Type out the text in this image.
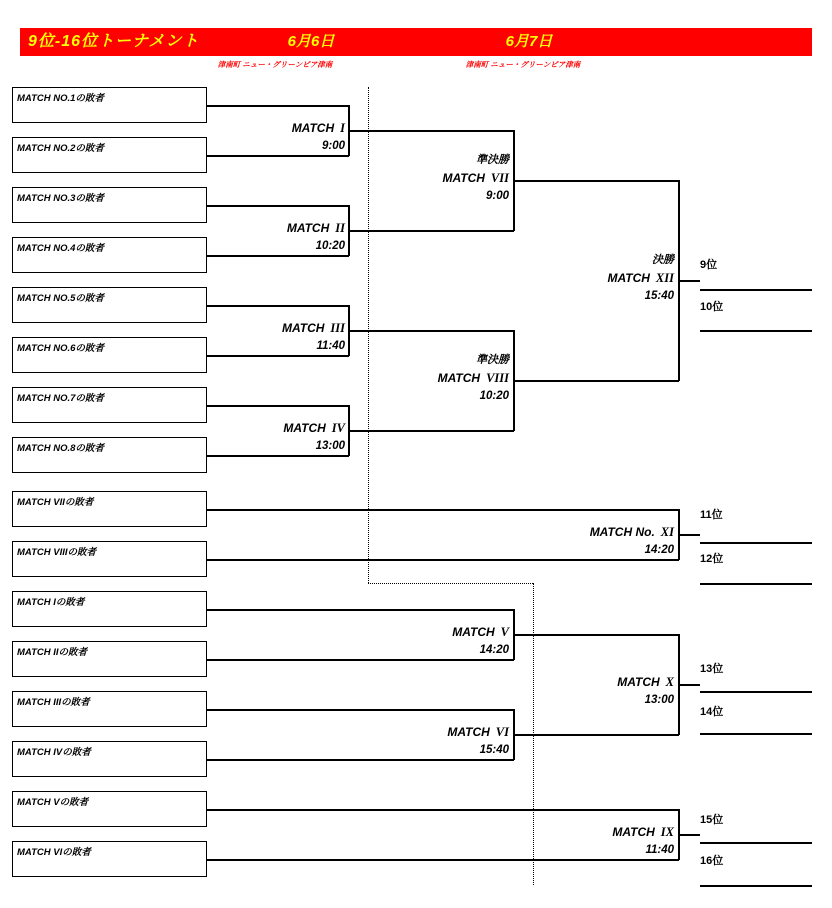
9位-16位トーナメント	6月6日	6月7日
津南町 ニュー・グリーンピア津南	津南町 ニュー・グリーンピア津南
MATCH NO.1の敗者
MATCH NO.2の敗者
MATCH NO.3の敗者
MATCH NO.4の敗者
MATCH NO.5の敗者
MATCH NO.6の敗者
MATCH NO.7の敗者
MATCH NO.8の敗者
MATCH VIIの敗者
MATCH VIIIの敗者
MATCH Iの敗者
MATCH IIの敗者
MATCH IIIの敗者
MATCH IVの敗者
MATCH Vの敗者
MATCH VIの敗者
MATCH I
9:00
MATCH II
10:20
MATCH III
11:40
MATCH IV
13:00
準決勝
MATCH VII
9:00
準決勝
MATCH VIII
10:20
決勝
MATCH XII
15:40
MATCH No. XI
14:20
MATCH V
14:20
MATCH VI
15:40
MATCH X
13:00
MATCH IX
11:40
9位
10位
11位
12位
13位
14位
15位
16位
